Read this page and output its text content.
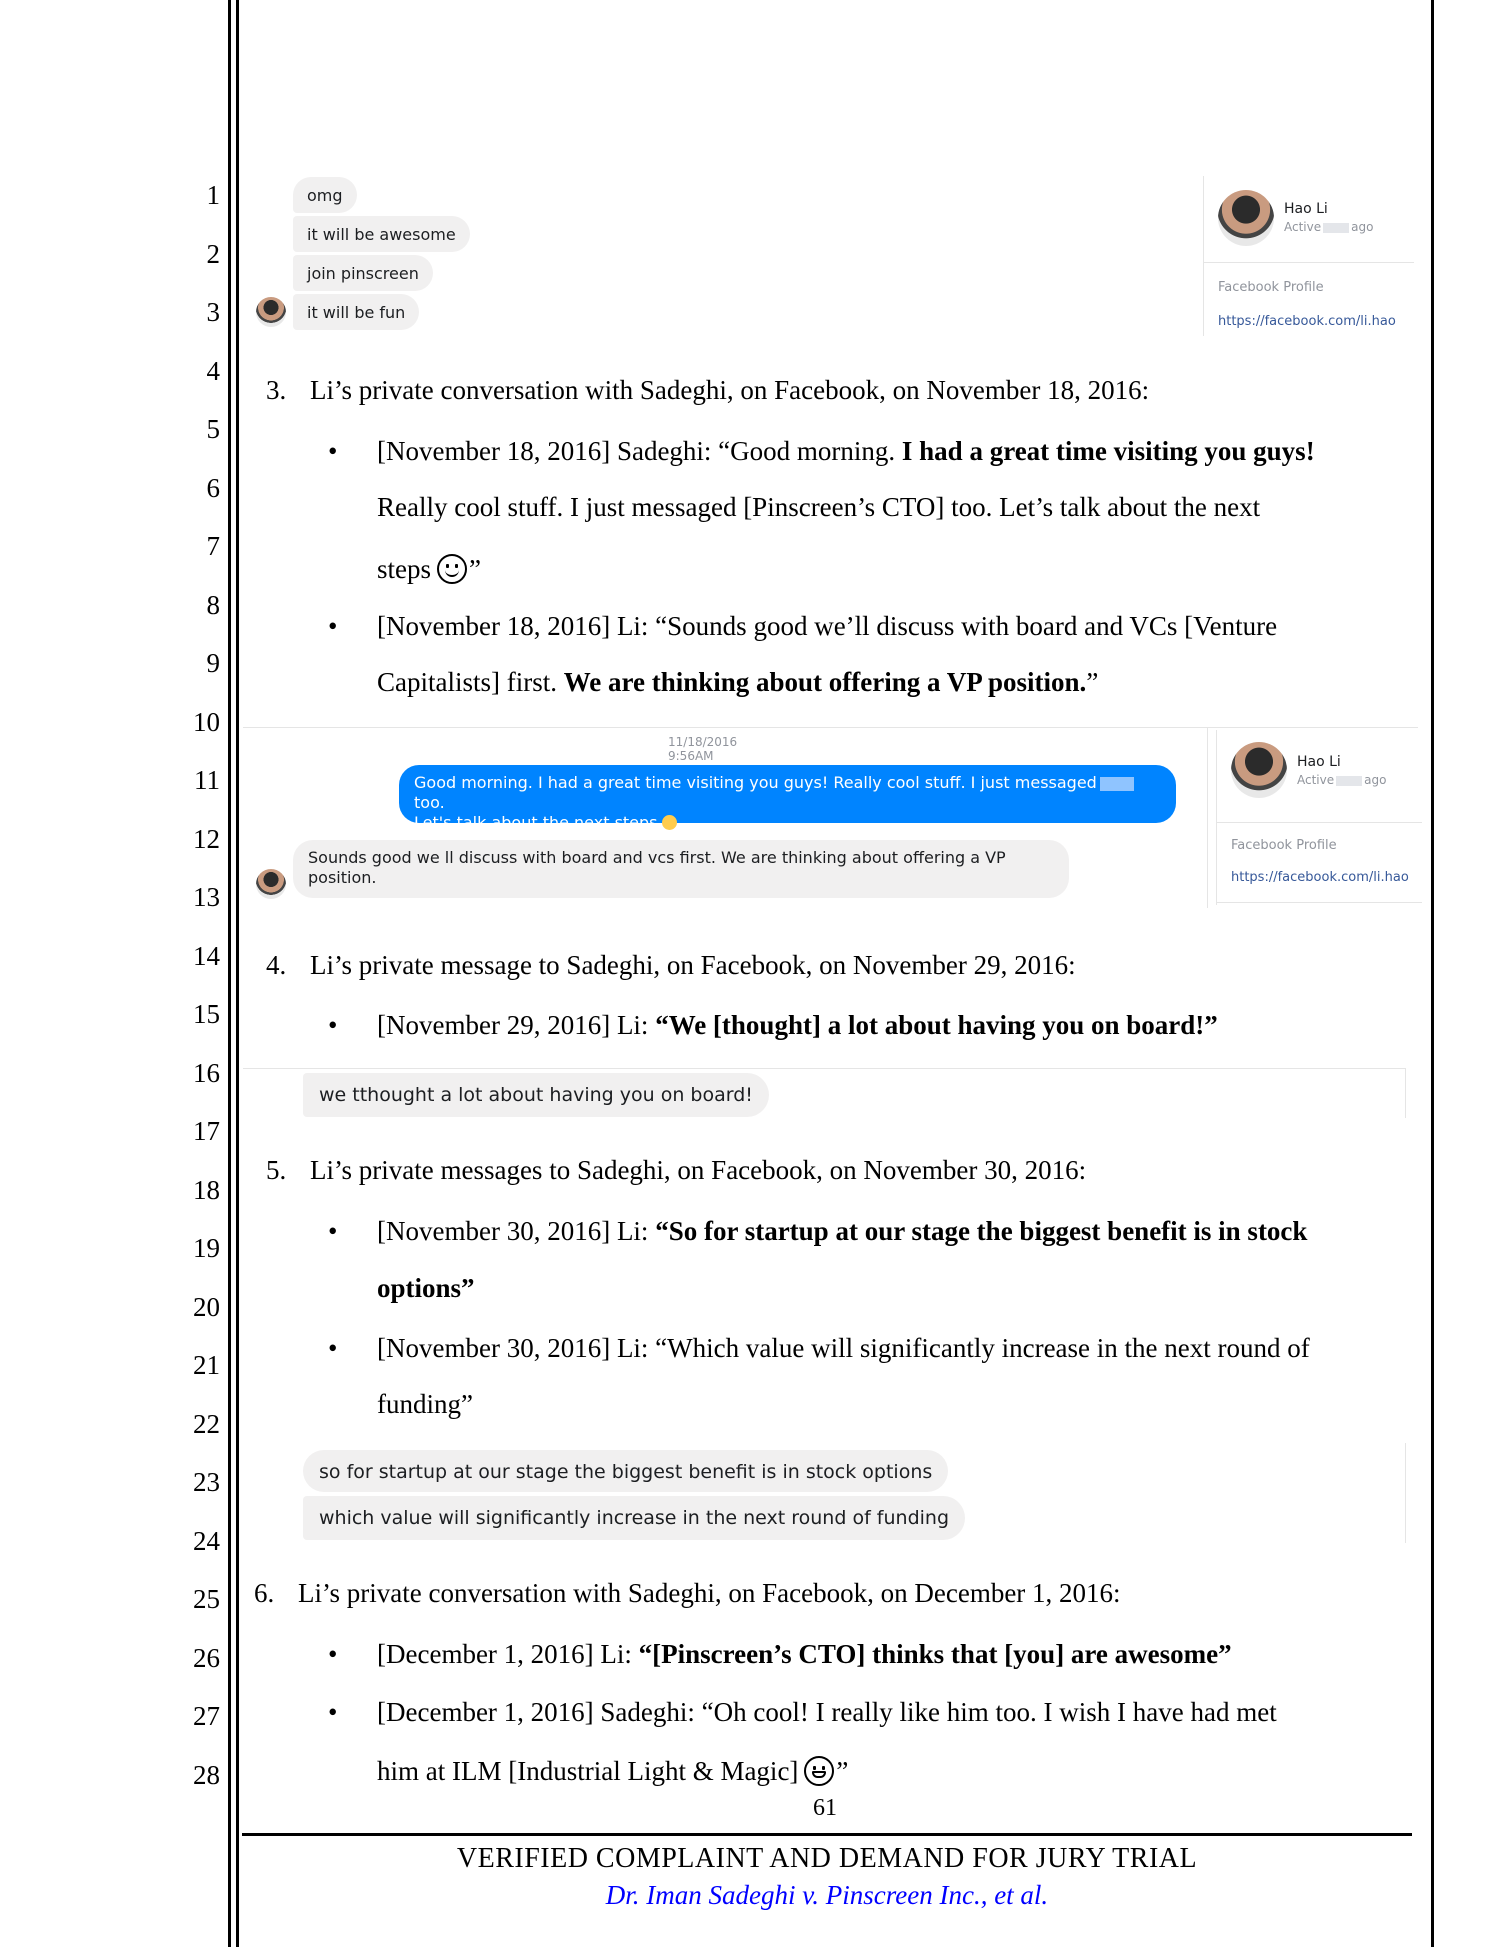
1
2
3
4
5
6
7
8
9
10
11
12
13
14
15
16
17
18
19
20
21
22
23
24
25
26
27
28
omg
it will be awesome
join pinscreen
it will be fun
Hao Li
Active	ago
Facebook Profile
https://facebook.com/li.hao
3. Li’s private conversation with Sadeghi, on Facebook, on November 18, 2016:
• [November 18, 2016] Sadeghi: “Good morning. I had a great time visiting you guys!
Really cool stuff. I just messaged [Pinscreen’s CTO] too. Let’s talk about the next
steps ”
• [November 18, 2016] Li: “Sounds good we’ll discuss with board and VCs [Venture
Capitalists] first. We are thinking about offering a VP position.”
11/18/2016 9:56AM
Good morning. I had a great time visiting you guys! Really cool stuff. I just messagedtoo.
Let's talk about the next steps
Sounds good we ll discuss with board and vcs first. We are thinking about offering a VP position.
Hao Li
Active	ago
Facebook Profile
https://facebook.com/li.hao
4. Li’s private message to Sadeghi, on Facebook, on November 29, 2016:
• [November 29, 2016] Li: “We [thought] a lot about having you on board!”
we tthought a lot about having you on board!
5. Li’s private messages to Sadeghi, on Facebook, on November 30, 2016:
• [November 30, 2016] Li: “So for startup at our stage the biggest benefit is in stock
options”
• [November 30, 2016] Li: “Which value will significantly increase in the next round of
funding”
so for startup at our stage the biggest benefit is in stock options
which value will significantly increase in the next round of funding
6. Li’s private conversation with Sadeghi, on Facebook, on December 1, 2016:
• [December 1, 2016] Li: “[Pinscreen’s CTO] thinks that [you] are awesome”
• [December 1, 2016] Sadeghi: “Oh cool! I really like him too. I wish I have had met
him at ILM [Industrial Light & Magic] ”
61
VERIFIED COMPLAINT AND DEMAND FOR JURY TRIAL
Dr. Iman Sadeghi v. Pinscreen Inc., et al.
